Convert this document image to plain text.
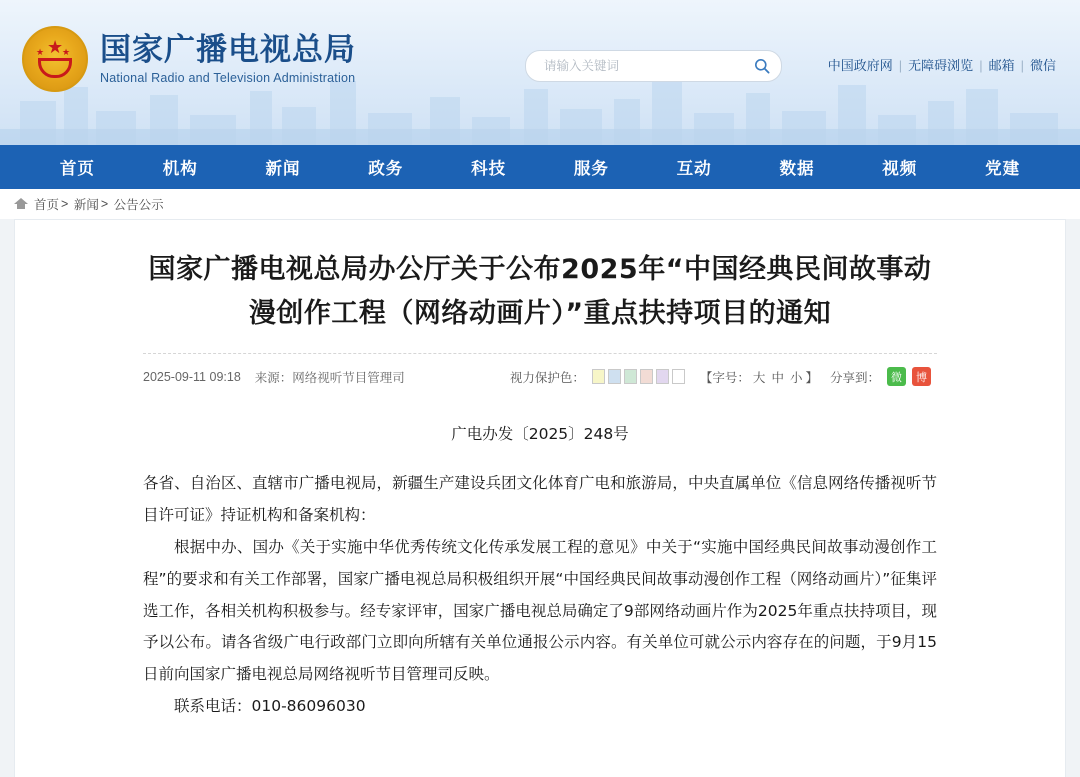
★
★ ★ 国家广播电视总局
National Radio and Television Administration
请输入关键词
中国政府网 | 无障碍浏览 | 邮箱 | 微信
首页	机构	新闻	政务	科技	服务	互动	数据	视频	党建
首页 >
新闻 >
公告公示
国家广播电视总局办公厅关于公布2025年“中国经典民间故事动漫创作工程（网络动画片）”重点扶持项目的通知
2025-09-11 09:18 来源：网络视听节目管理司	视力保护色：	【字号： 大 中 小 】 分享到：	微	博
广电办发〔2025〕248号

各省、自治区、直辖市广播电视局，新疆生产建设兵团文化体育广电和旅游局，中央直属单位《信息网络传播视听节目许可证》持证机构和备案机构：

根据中办、国办《关于实施中华优秀传统文化传承发展工程的意见》中关于“实施中国经典民间故事动漫创作工程”的要求和有关工作部署，国家广播电视总局积极组织开展“中国经典民间故事动漫创作工程（网络动画片）”征集评选工作，各相关机构积极参与。经专家评审，国家广播电视总局确定了9部网络动画片作为2025年重点扶持项目，现予以公布。请各省级广电行政部门立即向所辖有关单位通报公示内容。有关单位可就公示内容存在的问题，于9月15日前向国家广播电视总局网络视听节目管理司反映。

联系电话：010-86096030
